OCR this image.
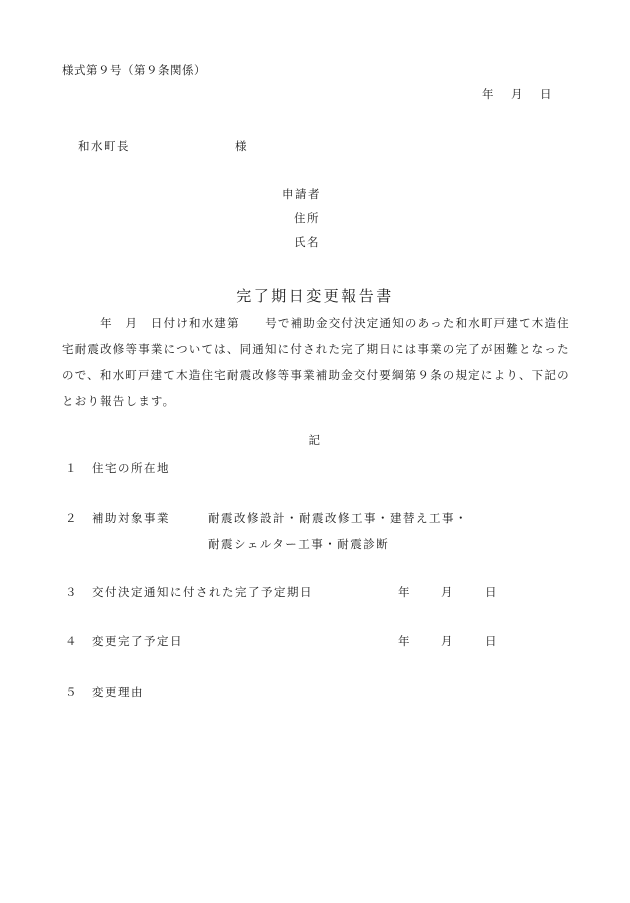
様式第９号（第９条関係）
年 月 日
和水町長	様
申請者
住所
氏名
完了期日変更報告書

　　　年　月　日付け和水建第　　号で補助金交付決定通知のあった和水町戸建て木造住宅耐震改修等事業については、同通知に付された完了期日には事業の完了が困難となったので、和水町戸建て木造住宅耐震改修等事業補助金交付要綱第９条の規定により、下記のとおり報告します。

記
１ 住宅の所在地
２ 補助対象事業	耐震改修設計・耐震改修工事・建替え工事・
耐震シェルター工事・耐震診断
３ 交付決定通知に付された完了予定期日	年	月	日
４ 変更完了予定日	年	月	日
５ 変更理由
